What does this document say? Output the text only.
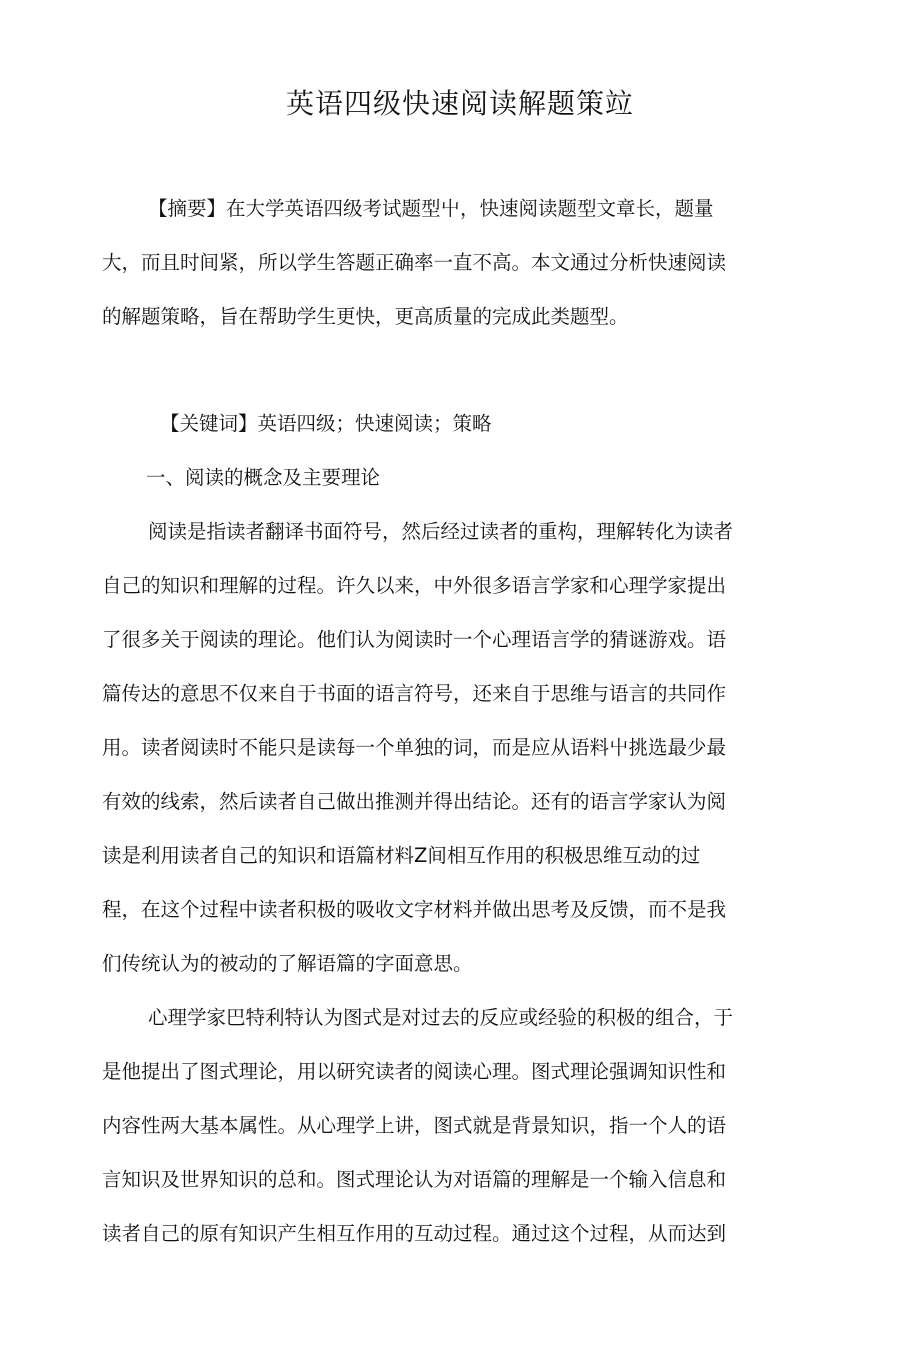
英语四级快速阅读解题策竝
【摘要】在大学英语四级考试题型屮，快速阅读题型文章长，题量
大，而且时间紧，所以学生答题正确率一直不高。本文通过分析快速阅读
的解题策略，旨在帮助学生更快，更高质量的完成此类题型。
【关键词】英语四级；快速阅读；策略
一、阅读的概念及主要理论
阅读是指读者翻译书面符号，然后经过读者的重构，理解转化为读者
自己的知识和理解的过程。许久以来，中外很多语言学家和心理学家提出
了很多关于阅读的理论。他们认为阅读时一个心理语言学的猜谜游戏。语
篇传达的意思不仅来自于书面的语言符号，还来自于思维与语言的共同作
用。读者阅读时不能只是读每一个单独的词，而是应从语料屮挑选最少最
有效的线索，然后读者自己做出推测并得出结论。还有的语言学家认为阅
读是利用读者自己的知识和语篇材料Z间相互作用的积极思维互动的过
程，在这个过程中读者积极的吸收文字材料并做出思考及反馈，而不是我
们传统认为的被动的了解语篇的字面意思。
心理学家巴特利特认为图式是对过去的反应或经验的积极的组合，于
是他提出了图式理论，用以研究读者的阅读心理。图式理论强调知识性和
内容性两大基本属性。从心理学上讲，图式就是背景知识，指一个人的语
言知识及世界知识的总和。图式理论认为对语篇的理解是一个输入信息和
读者自己的原有知识产生相互作用的互动过程。通过这个过程，从而达到
